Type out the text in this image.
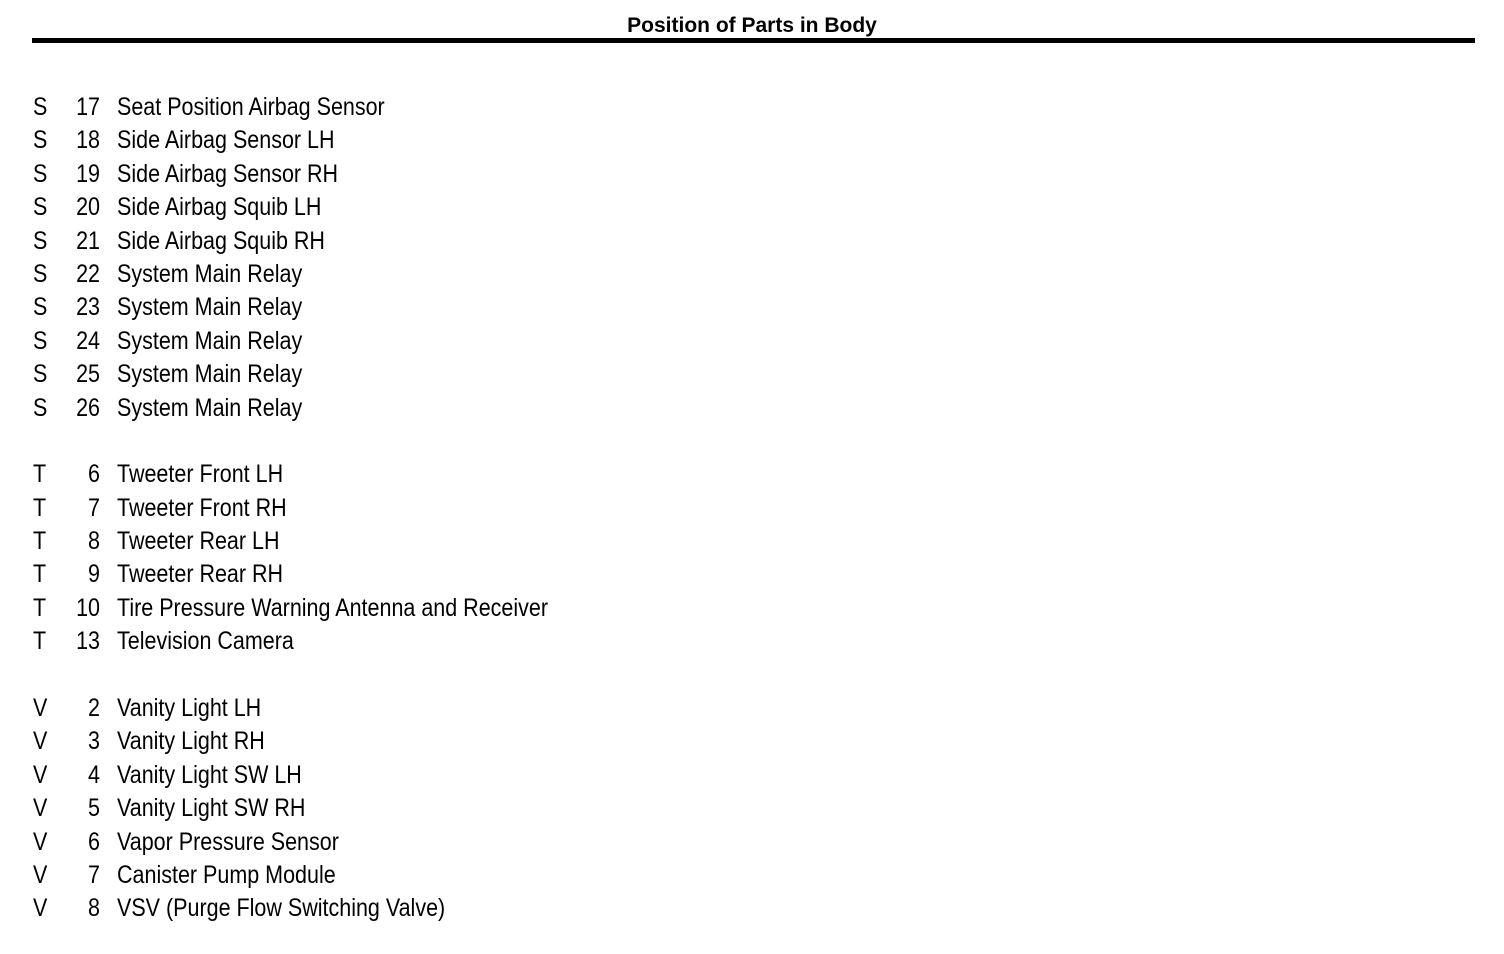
Position of Parts in Body
S	17 Seat Position Airbag Sensor
S	18 Side Airbag Sensor LH
S	19 Side Airbag Sensor RH
S	20 Side Airbag Squib LH
S	21 Side Airbag Squib RH
S	22 System Main Relay
S	23 System Main Relay
S	24 System Main Relay
S	25 System Main Relay
S	26 System Main Relay
T	6 Tweeter Front LH
T	7 Tweeter Front RH
T	8 Tweeter Rear LH
T	9 Tweeter Rear RH
T	10 Tire Pressure Warning Antenna and Receiver
T	13 Television Camera
V	2 Vanity Light LH
V	3 Vanity Light RH
V	4 Vanity Light SW LH
V	5 Vanity Light SW RH
V	6 Vapor Pressure Sensor
V	7 Canister Pump Module
V	8 VSV (Purge Flow Switching Valve)
